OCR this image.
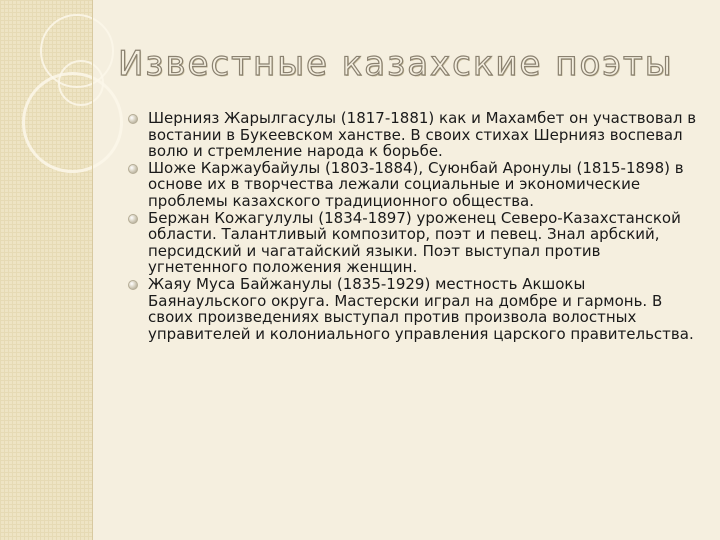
Известные казахские поэты
Шернияз Жарылгасулы (1817-1881) как и Махамбет он участвовал в востании в Букеевском ханстве. В своих стихах Шернияз воспевал волю и стремление народа к борьбе.
Шоже Каржаубайулы (1803-1884), Суюнбай Аронулы (1815-1898) в основе их в творчества лежали социальные и экономические проблемы казахского традиционного общества.
Бержан Кожагулулы (1834-1897) уроженец Северо-Казахстанской области. Талантливый композитор, поэт и певец. Знал арбский, персидский и чагатайский языки. Поэт выступал против угнетенного положения женщин.
Жаяу Муса Байжанулы (1835-1929) местность Акшокы Баянаульского округа. Мастерски играл на домбре и гармонь. В своих произведениях выступал против произвола волостных управителей и колониального управления царского правительства.
